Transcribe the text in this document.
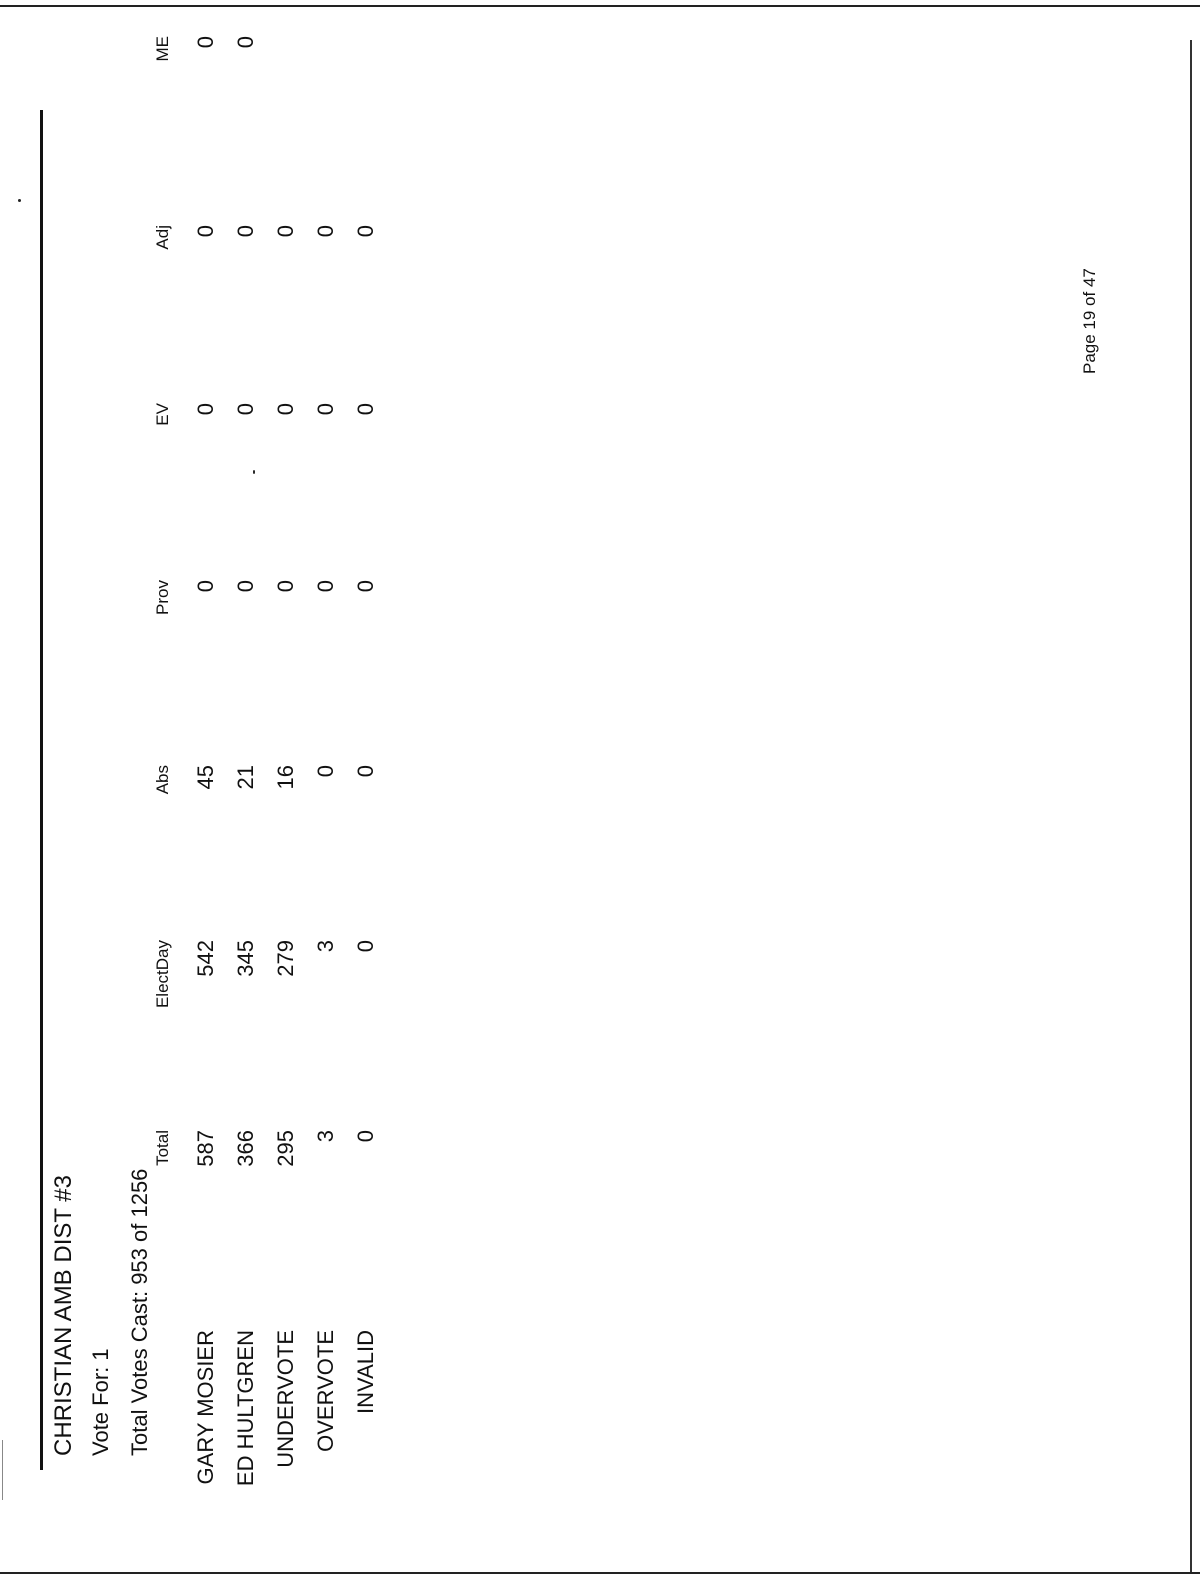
CHRISTIAN AMB DIST #3 Vote For: 1 Total Votes Cast: 953 of 1256
Total
ElectDay
Abs
Prov
EV
Adj
ME
GARY MOSIER
587
542
45
0
0
0
0
ED HULTGREN
366
345
21
0
0
0
0
UNDERVOTE
295
279
16
0
0
0
OVERVOTE
3
3
0
0
0
0
INVALID
0
0
0
0
0
0
Page 19 of 47
